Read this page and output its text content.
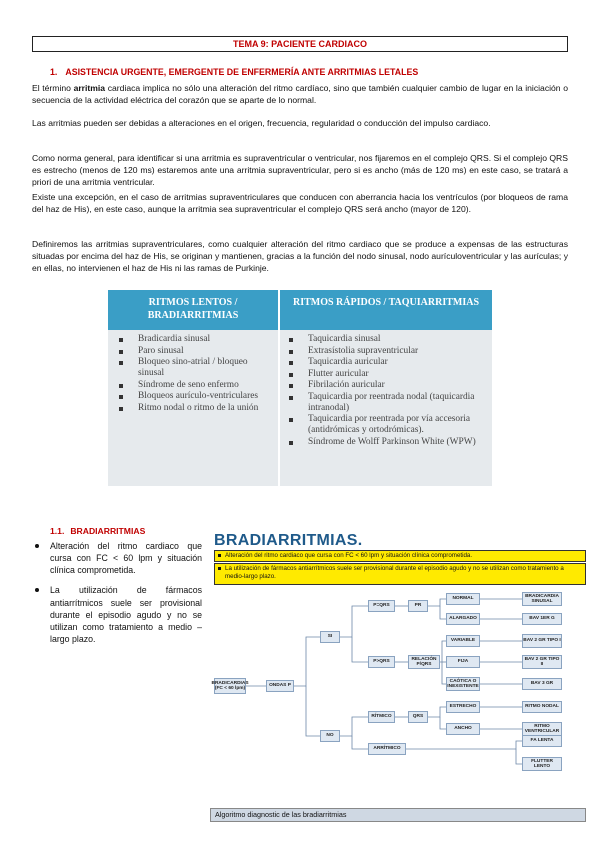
TEMA 9: PACIENTE CARDIACO
1. ASISTENCIA URGENTE, EMERGENTE DE ENFERMERÍA ANTE ARRITMIAS LETALES

El término arritmia cardiaca implica no sólo una alteración del ritmo cardíaco, sino que también cualquier cambio de lugar en la iniciación o secuencia de la actividad eléctrica del corazón que se aparte de lo normal.

Las arritmias pueden ser debidas a alteraciones en el origen, frecuencia, regularidad o conducción del impulso cardiaco.

Como norma general, para identificar si una arritmia es supraventricular o ventricular, nos fijaremos en el complejo QRS. Si el complejo QRS es estrecho (menos de 120 ms) estaremos ante una arritmia supraventricular, pero si es ancho (más de 120 ms) en este caso, se tratará a priori de una arritmia ventricular.

Existe una excepción, en el caso de arritmias supraventriculares que conducen con aberrancia hacia los ventrículos (por bloqueos de rama del haz de His), en este caso, aunque la arritmia sea supraventricular el complejo QRS será ancho (mayor de 120).

Definiremos las arritmias supraventriculares, como cualquier alteración del ritmo cardiaco que se produce a expensas de las estructuras situadas por encima del haz de His, se originan y mantienen, gracias a la función del nodo sinusal, nodo aurículoventricular y las aurículas; y en ellas, no intervienen el haz de His ni las ramas de Purkinje.

RITMOS LENTOS / BRADIARRITMIAS
RITMOS RÁPIDOS / TAQUIARRITMIAS
Bradicardia sinusal
Paro sinusal
Bloqueo sino-atrial / bloqueo sinusal
Síndrome de seno enfermo
Bloqueos aurículo-ventriculares
Ritmo nodal o ritmo de la unión
Taquicardia sinusal
Extrasístolia supraventricular
Taquicardia auricular
Flutter auricular
Fibrilación auricular
Taquicardia por reentrada nodal (taquicardia intranodal)
Taquicardia por reentrada por vía accesoria (antidrómicas y ortodrómicas).
Síndrome de Wolff Parkinson White (WPW)
1.1. BRADIARRITMIAS
Alteración del ritmo cardiaco que cursa con FC < 60 lpm y situación clínica comprometida.
La utilización de fármacos antiarrítmicos suele ser provisional durante el episodio agudo y no se utilizan como tratamiento a medio – largo plazo.
BRADIARRITMIAS.
Alteración del ritmo cardiaco que cursa con FC < 60 lpm y situación clínica comprometida.
La utilización de fármacos antiarrítmicos suele ser provisional durante el episodio agudo y no se utilizan como tratamiento a medio-largo plazo.
BRADICARDIAS (FC < 60 lpm)
ONDAS P
SI
NO
P=QRS
P>QRS
PR
RELACIÓN P/QRS
RÍTMICO	QRS
ARRÍTMICO
NORMAL
ALARGADO
VARIABLE
FIJA
CAÓTICA O INEXISTENTE
ESTRECHO
ANCHO
BRADICARDIA SINUSAL
BAV 1ER G
BAV 2 GR TIPO I
BAV 2 GR TIPO II
BAV 3 GR
RITMO NODAL
RITMO VENTRICULAR
FA LENTA
FLUTTER LENTO
Algoritmo diagnostic de las bradiarritmias
